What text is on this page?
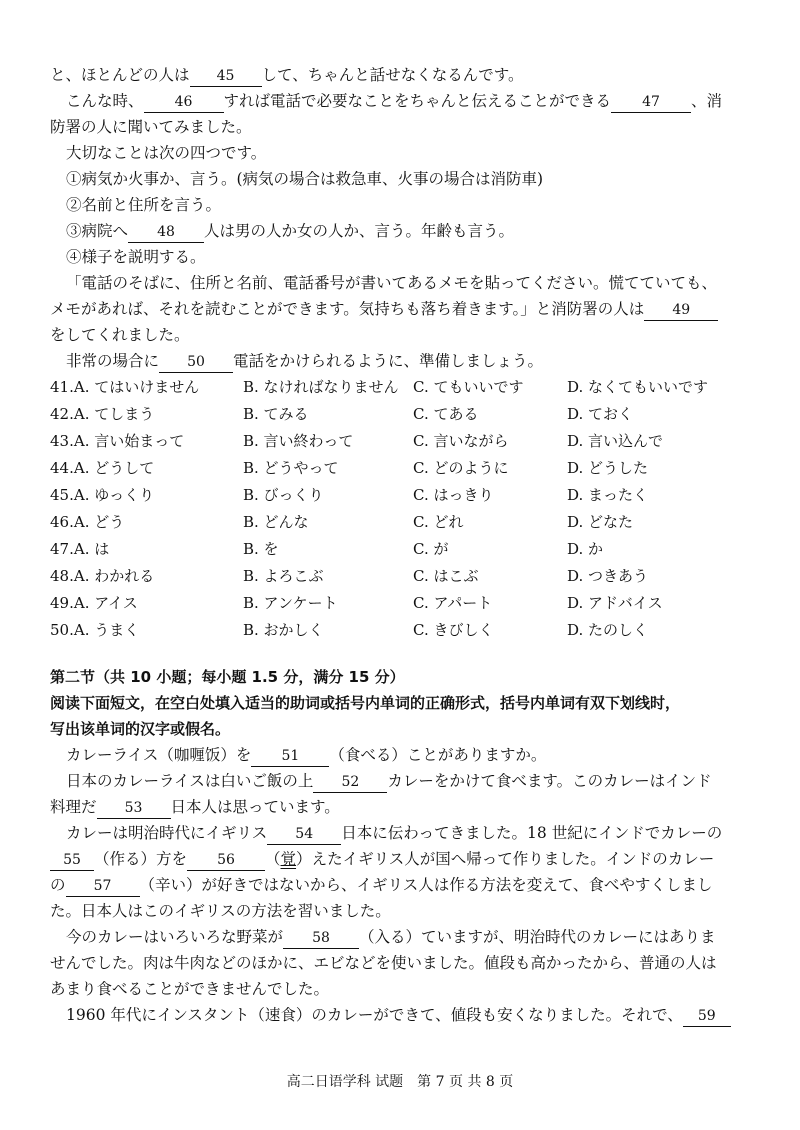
と、ほとんどの人は 45 して、ちゃんと話せなくなるんです。
こんな時、 46 すれば電話で必要なことをちゃんと伝えることができる 47 、消
防署の人に聞いてみました。
大切なことは次の四つです。
①病気か火事か、言う。(病気の場合は救急車、火事の場合は消防車)
②名前と住所を言う。
③病院へ 48 人は男の人か女の人か、言う。年齢も言う。
④様子を説明する。
「電話のそばに、住所と名前、電話番号が書いてあるメモを貼ってください。慌てていても、
メモがあれば、それを読むことができます。気持ちも落ち着きます。」と消防署の人は 49
をしてくれました。
非常の場合に 50 電話をかけられるように、準備しましょう。
41.A. てはいけません	B. なければなりません C. てもいいです	D. なくてもいいです
42.A. てしまう	B. てみる	C. てある	D. ておく
43.A. 言い始まって	B. 言い終わって	C. 言いながら	D. 言い込んで
44.A. どうして	B. どうやって	C. どのように	D. どうした
45.A. ゆっくり	B. びっくり	C. はっきり	D. まったく
46.A. どう	B. どんな	C. どれ	D. どなた
47.A. は	B. を	C. が	D. か
48.A. わかれる	B. よろこぶ	C. はこぶ	D. つきあう
49.A. アイス	B. アンケート	C. アパート	D. アドバイス
50.A. うまく	B. おかしく	C. きびしく	D. たのしく
第二节（共 10 小题；每小题 1.5 分，满分 15 分）
阅读下面短文，在空白处填入适当的助词或括号内单词的正确形式，括号内单词有双下划线时，
写出该单词的汉字或假名。
カレーライス（咖喱饭）を 51 （食べる）ことがありますか。
日本のカレーライスは白いご飯の上 52 カレーをかけて食べます。このカレーはインド
料理だ 53 日本人は思っています。
カレーは明治時代にイギリス 54 日本に伝わってきました。18 世紀にインドでカレーの
55 （作る）方を 56 （覚）えたイギリス人が国へ帰って作りました。インドのカレー
の 57 （辛い）が好きではないから、イギリス人は作る方法を変えて、食べやすくしまし
た。日本人はこのイギリスの方法を習いました。
今のカレーはいろいろな野菜が 58 （入る）ていますが、明治時代のカレーにはありま
せんでした。肉は牛肉などのほかに、エビなどを使いました。値段も高かったから、普通の人は
あまり食べることができませんでした。
1960 年代にインスタント（速食）のカレーができて、値段も安くなりました。それで、 59
高二日语学科 试题　第 7 页 共 8 页
